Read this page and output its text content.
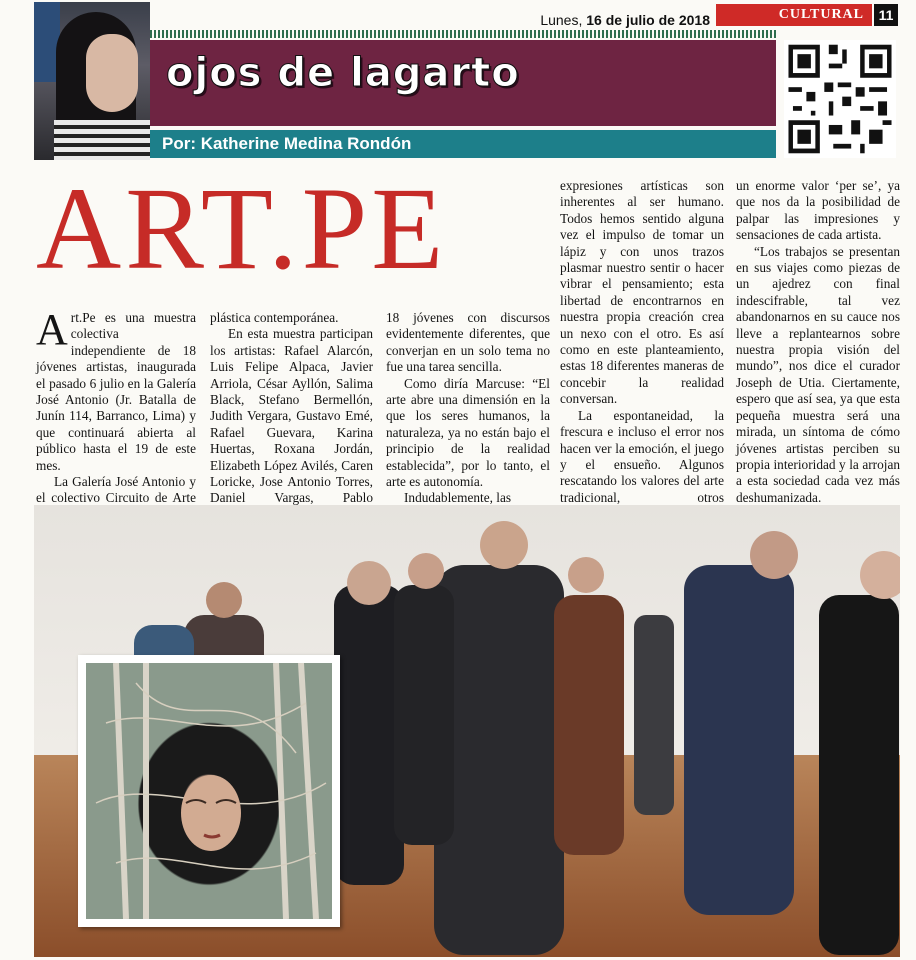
Lunes, 16 de julio de 2018	CULTURAL	11
ojos de lagarto
Por: Katherine Medina Rondón
ART.PE

Art.Pe es una muestra colectiva independiente de 18 jóvenes artistas, inaugurada el pasado 6 julio en la Galería José Antonio (Jr. Batalla de Junín 114, Barranco, Lima) y que continuará abierta al público hasta el 19 de este mes.

La Galería José Antonio y el colectivo Circuito de Arte

plástica contemporánea.

En esta muestra participan los artistas: Rafael Alarcón, Luis Felipe Alpaca, Javier Arriola, César Ayllón, Salima Black, Stefano Bermellón, Judith Vergara, Gustavo Emé, Rafael Guevara, Karina Huertas, Roxana Jordán, Elizabeth López Avilés, Caren Loricke, Jose Antonio Torres, Daniel Vargas, Pablo

18 jóvenes con discursos evidentemente diferentes, que converjan en un solo tema no fue una tarea sencilla.

Como diría Marcuse: “El arte abre una dimensión en la que los seres humanos, la naturaleza, ya no están bajo el principio de la realidad establecida”, por lo tanto, el arte es autonomía.

Indudablemente, las

expresiones artísticas son inherentes al ser humano. Todos hemos sentido alguna vez el impulso de tomar un lápiz y con unos trazos plasmar nuestro sentir o hacer vibrar el pensamiento; esta libertad de encontrarnos en nuestra propia creación crea un nexo con el otro. Es así como en este planteamiento, estas 18 diferentes maneras de concebir la realidad conversan.

La espontaneidad, la frescura e incluso el error nos hacen ver la emoción, el juego y el ensueño. Algunos rescatando los valores del arte tradicional, otros

un enorme valor ‘per se’, ya que nos da la posibilidad de palpar las impresiones y sensaciones de cada artista.

“Los trabajos se presentan en sus viajes como piezas de un ajedrez con final indescifrable, tal vez abandonarnos en su cauce nos lleve a replantearnos sobre nuestra propia visión del mundo”, nos dice el curador Joseph de Utia. Ciertamente, espero que así sea, ya que esta pequeña muestra será una mirada, un síntoma de cómo jóvenes artistas perciben su propia interioridad y la arrojan a esta sociedad cada vez más deshumanizada.
